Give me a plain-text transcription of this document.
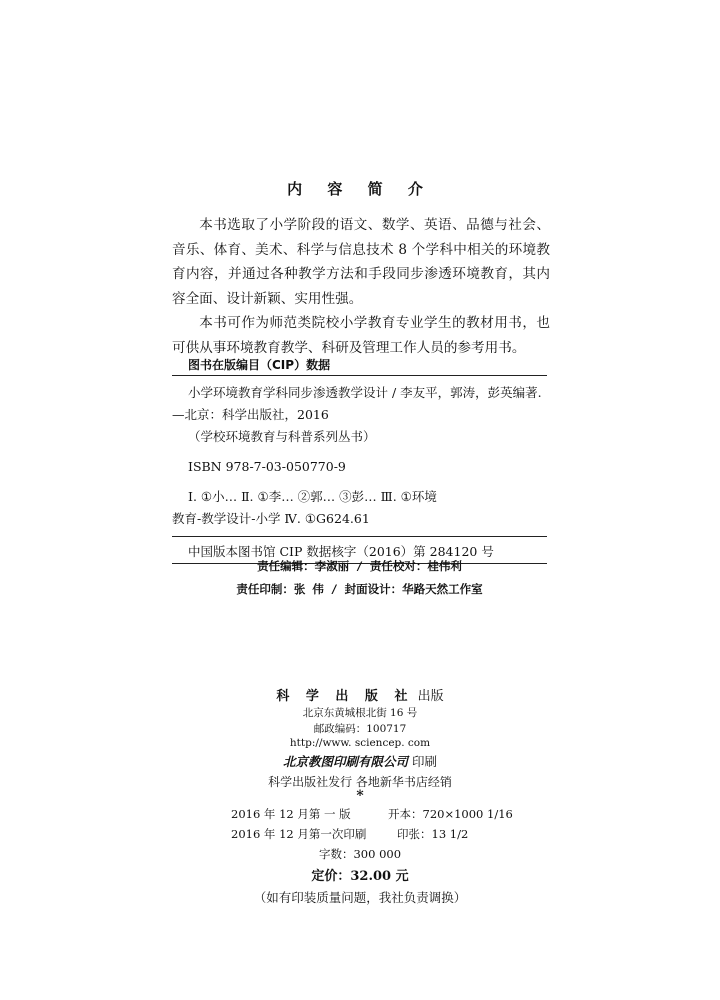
内 容 简 介

本书选取了小学阶段的语文、数学、英语、品德与社会、音乐、体育、美术、科学与信息技术 8 个学科中相关的环境教育内容，并通过各种教学方法和手段同步渗透环境教育，其内容全面、设计新颖、实用性强。

本书可作为师范类院校小学教育专业学生的教材用书，也可供从事环境教育教学、科研及管理工作人员的参考用书。

图书在版编目（CIP）数据
小学环境教育学科同步渗透教学设计 / 李友平，郭涛，彭英编著.
—北京：科学出版社，2016
（学校环境教育与科普系列丛书）
ISBN 978-7-03-050770-9
Ⅰ. ①小… Ⅱ. ①李… ②郭… ③彭… Ⅲ. ①环境
教育-教学设计-小学 Ⅳ. ①G624.61
中国版本图书馆 CIP 数据核字（2016）第 284120 号
责任编辑：李淑丽 / 责任校对：桂伟利
责任印制：张 伟 / 封面设计：华路天然工作室
科 学 出 版 社 出版
北京东黄城根北街 16 号
邮政编码：100717
http://www. sciencep. com
北京教图印刷有限公司 印刷
科学出版社发行 各地新华书店经销
*
2016 年 12 月第 一 版	开本：720×1000 1/16
2016 年 12 月第一次印刷	印张：13 1/2
字数：300 000
定价：32.00 元
（如有印装质量问题，我社负责调换）
